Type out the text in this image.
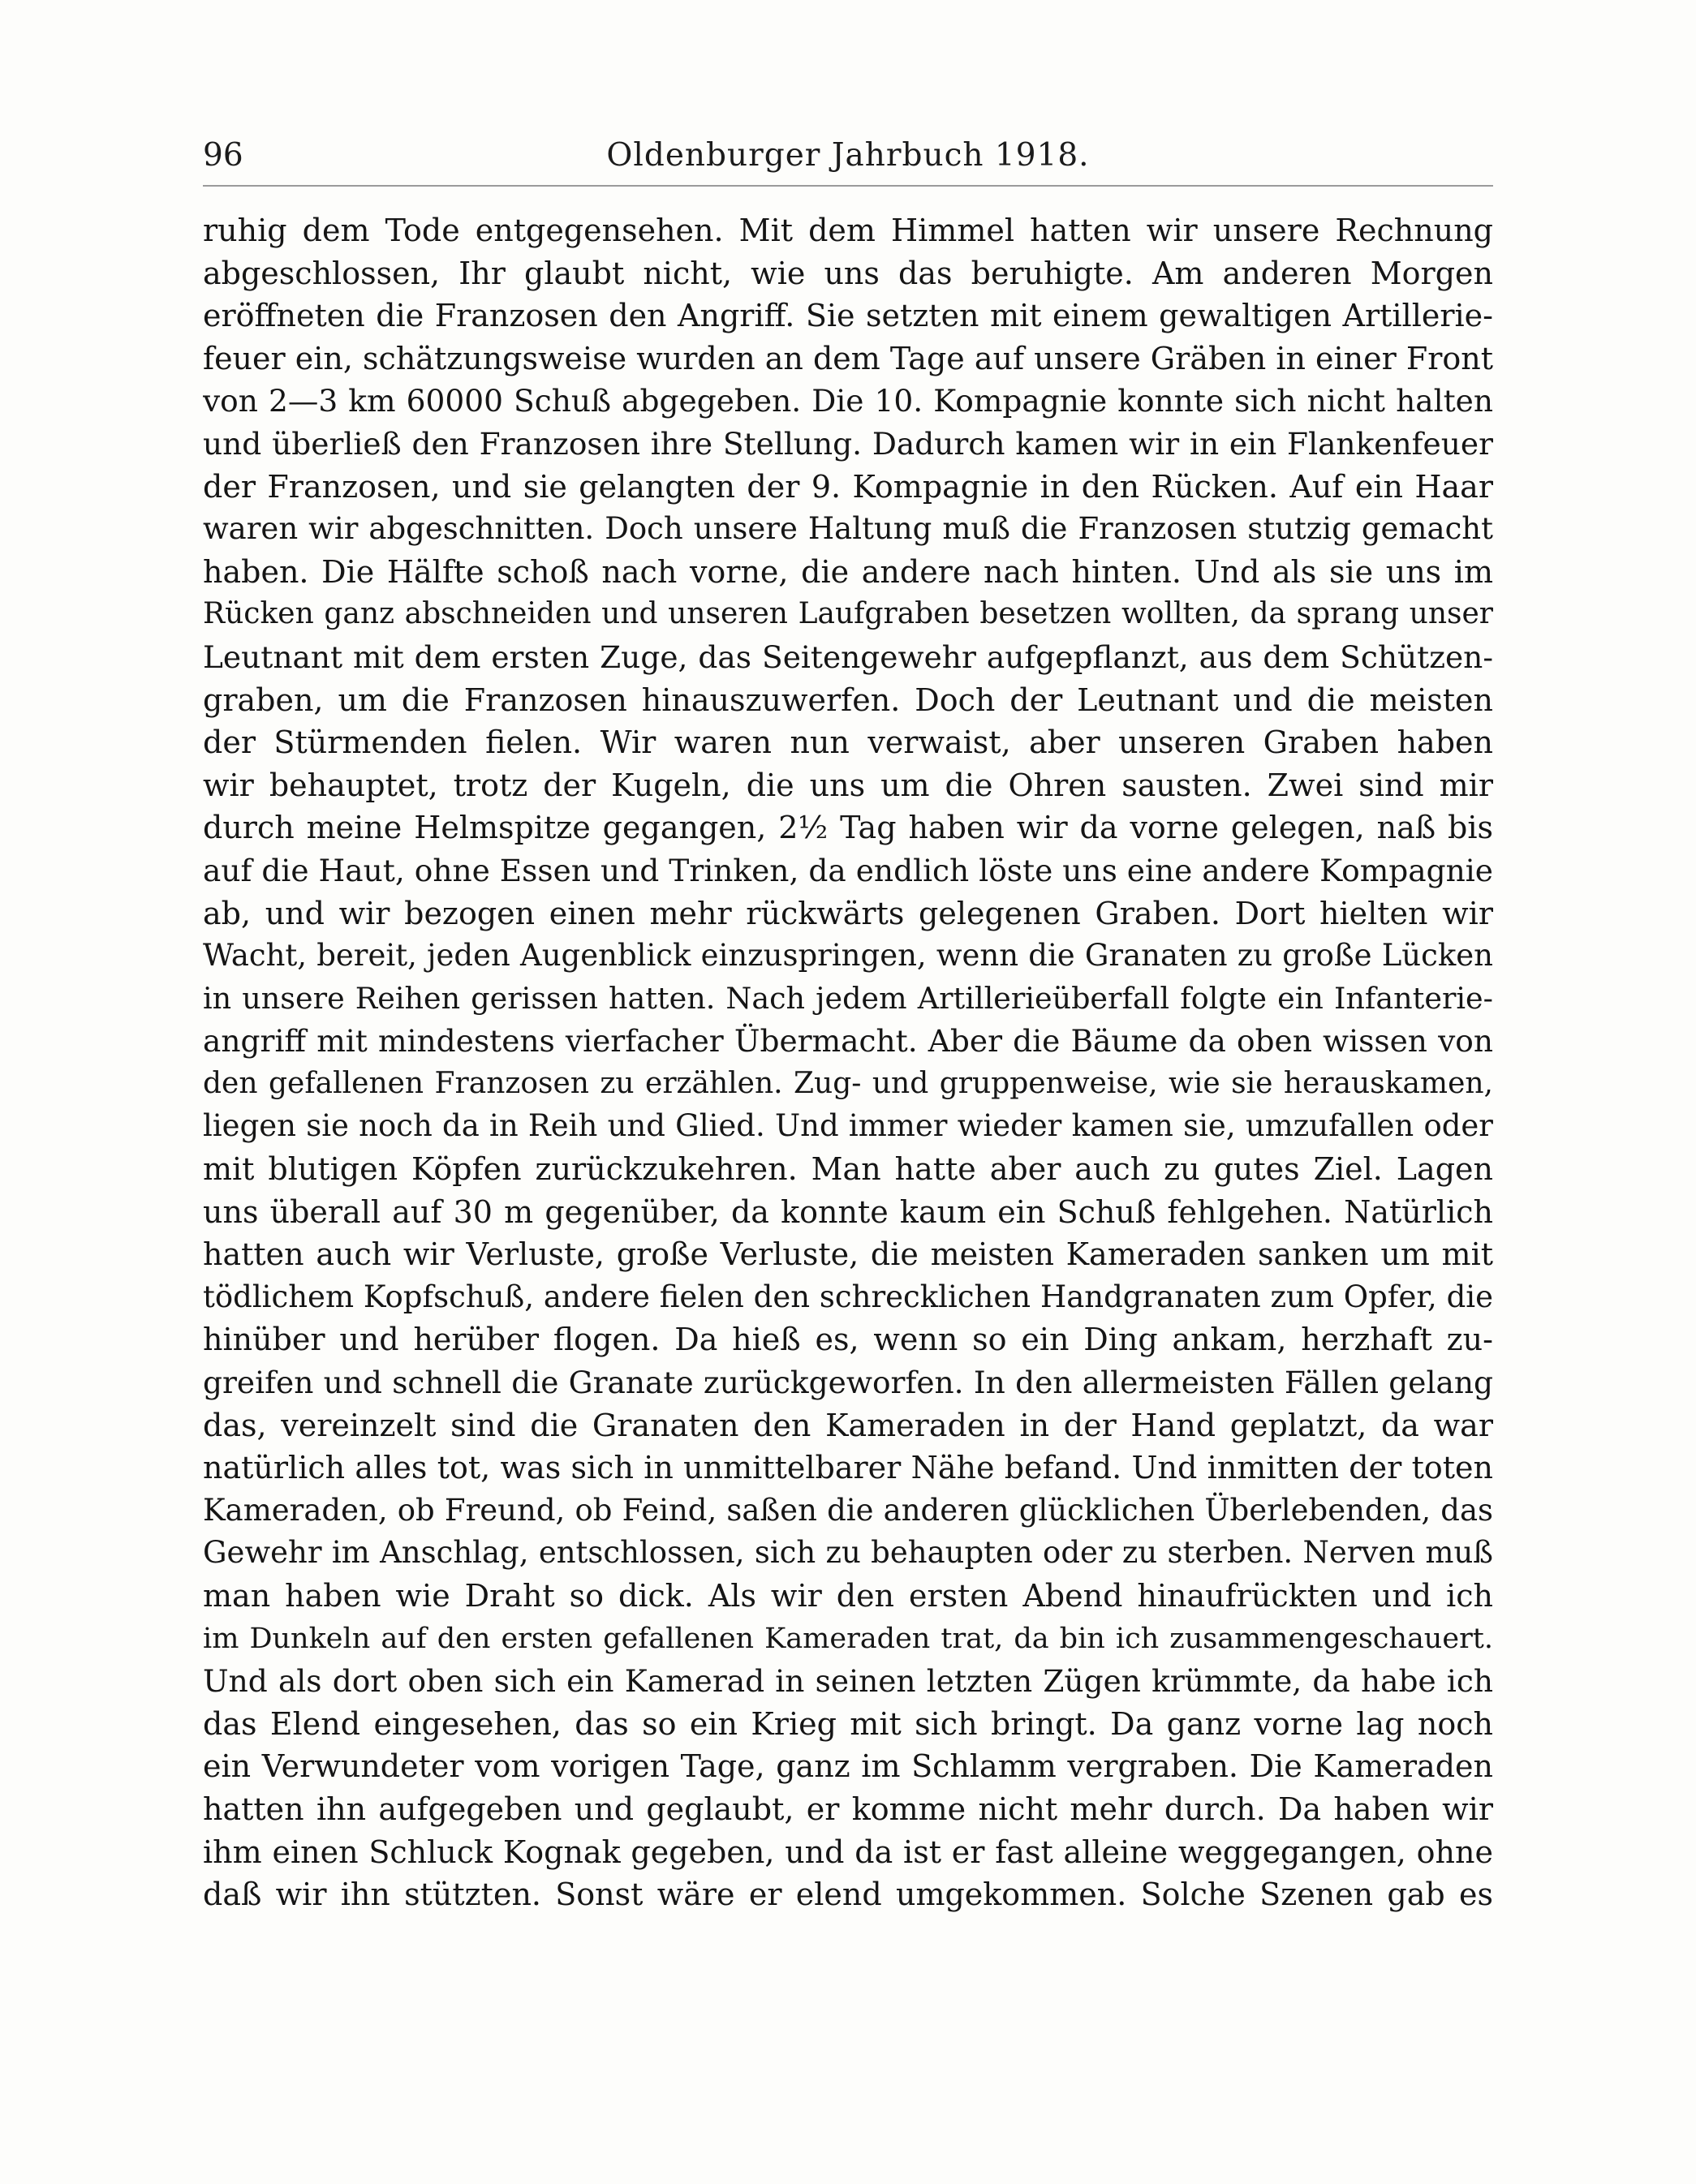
96	Oldenburger Jahrbuch 1918.
ruhig dem Tode entgegensehen. Mit dem Himmel hatten wir unsere Rechnung
abgeschlossen, Ihr glaubt nicht, wie uns das beruhigte. Am anderen Morgen
eröffneten die Franzosen den Angriff. Sie setzten mit einem gewaltigen Artillerie-
feuer ein, schätzungsweise wurden an dem Tage auf unsere Gräben in einer Front
von 2—3 km 60000 Schuß abgegeben. Die 10. Kompagnie konnte sich nicht halten
und überließ den Franzosen ihre Stellung. Dadurch kamen wir in ein Flankenfeuer
der Franzosen, und sie gelangten der 9. Kompagnie in den Rücken. Auf ein Haar
waren wir abgeschnitten. Doch unsere Haltung muß die Franzosen stutzig gemacht
haben. Die Hälfte schoß nach vorne, die andere nach hinten. Und als sie uns im
Rücken ganz abschneiden und unseren Laufgraben besetzen wollten, da sprang unser
Leutnant mit dem ersten Zuge, das Seitengewehr aufgepflanzt, aus dem Schützen-
graben, um die Franzosen hinauszuwerfen. Doch der Leutnant und die meisten
der Stürmenden fielen. Wir waren nun verwaist, aber unseren Graben haben
wir behauptet, trotz der Kugeln, die uns um die Ohren sausten. Zwei sind mir
durch meine Helmspitze gegangen, 2½ Tag haben wir da vorne gelegen, naß bis
auf die Haut, ohne Essen und Trinken, da endlich löste uns eine andere Kompagnie
ab, und wir bezogen einen mehr rückwärts gelegenen Graben. Dort hielten wir
Wacht, bereit, jeden Augenblick einzuspringen, wenn die Granaten zu große Lücken
in unsere Reihen gerissen hatten. Nach jedem Artillerieüberfall folgte ein Infanterie-
angriff mit mindestens vierfacher Übermacht. Aber die Bäume da oben wissen von
den gefallenen Franzosen zu erzählen. Zug- und gruppenweise, wie sie herauskamen,
liegen sie noch da in Reih und Glied. Und immer wieder kamen sie, umzufallen oder
mit blutigen Köpfen zurückzukehren. Man hatte aber auch zu gutes Ziel. Lagen
uns überall auf 30 m gegenüber, da konnte kaum ein Schuß fehlgehen. Natürlich
hatten auch wir Verluste, große Verluste, die meisten Kameraden sanken um mit
tödlichem Kopfschuß, andere fielen den schrecklichen Handgranaten zum Opfer, die
hinüber und herüber flogen. Da hieß es, wenn so ein Ding ankam, herzhaft zu-
greifen und schnell die Granate zurückgeworfen. In den allermeisten Fällen gelang
das, vereinzelt sind die Granaten den Kameraden in der Hand geplatzt, da war
natürlich alles tot, was sich in unmittelbarer Nähe befand. Und inmitten der toten
Kameraden, ob Freund, ob Feind, saßen die anderen glücklichen Überlebenden, das
Gewehr im Anschlag, entschlossen, sich zu behaupten oder zu sterben. Nerven muß
man haben wie Draht so dick. Als wir den ersten Abend hinaufrückten und ich
im Dunkeln auf den ersten gefallenen Kameraden trat, da bin ich zusammengeschauert.
Und als dort oben sich ein Kamerad in seinen letzten Zügen krümmte, da habe ich
das Elend eingesehen, das so ein Krieg mit sich bringt. Da ganz vorne lag noch
ein Verwundeter vom vorigen Tage, ganz im Schlamm vergraben. Die Kameraden
hatten ihn aufgegeben und geglaubt, er komme nicht mehr durch. Da haben wir
ihm einen Schluck Kognak gegeben, und da ist er fast alleine weggegangen, ohne
daß wir ihn stützten. Sonst wäre er elend umgekommen. Solche Szenen gab es
